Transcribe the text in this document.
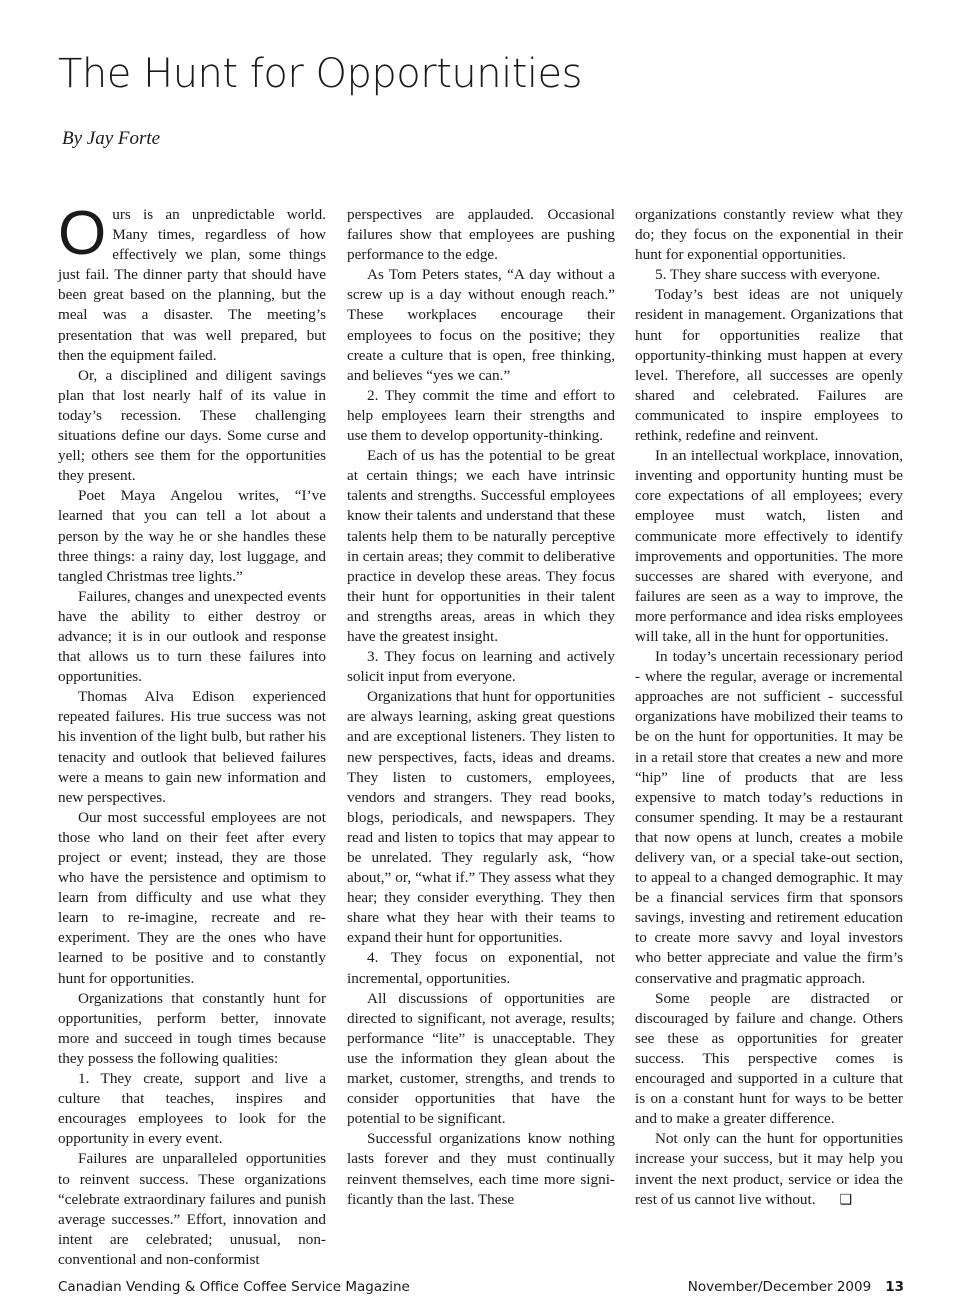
The Hunt for Opportunities
By Jay Forte

Ours is an unpredictable world. Many times, regardless of how effectively we plan, some things just fail. The dinner party that should have been great based on the planning, but the meal was a disaster. The meeting’s presentation that was well prepared, but then the equipment failed.

Or, a disciplined and diligent savings plan that lost nearly half of its value in today’s recession. These challenging situations define our days. Some curse and yell; others see them for the opportunities they present.

Poet Maya Angelou writes, “I’ve learned that you can tell a lot about a person by the way he or she handles these three things: a rainy day, lost luggage, and tangled Christmas tree lights.”

Failures, changes and unexpected events have the ability to either destroy or advance; it is in our outlook and response that allows us to turn these failures into opportunities.

Thomas Alva Edison experienced repeated failures. His true success was not his invention of the light bulb, but rather his tenacity and outlook that believed failures were a means to gain new information and new perspectives.

Our most successful employees are not those who land on their feet after every project or event; instead, they are those who have the persistence and optimism to learn from difficulty and use what they learn to re-imagine, recreate and re-experiment. They are the ones who have learned to be positive and to constantly hunt for opportunities.

Organizations that constantly hunt for opportunities, perform better, innovate more and succeed in tough times because they possess the following qualities:

1. They create, support and live a culture that teaches, inspires and encourages employees to look for the opportunity in every event.

Failures are unparalleled opportunities to reinvent success. These organizations “celebrate extraordinary failures and punish average successes.” Effort, innovation and intent are celebrated; unusual, non-conventional and non-conformist

perspectives are applauded. Occasional failures show that employees are pushing performance to the edge.

As Tom Peters states, “A day without a screw up is a day without enough reach.” These workplaces encourage their employees to focus on the positive; they create a culture that is open, free thinking, and believes “yes we can.”

2. They commit the time and effort to help employees learn their strengths and use them to develop opportunity-thinking.

Each of us has the potential to be great at certain things; we each have intrinsic talents and strengths. Successful employees know their talents and understand that these talents help them to be naturally perceptive in certain areas; they commit to deliberative practice in develop these areas. They focus their hunt for opportunities in their talent and strengths areas, areas in which they have the greatest insight.

3. They focus on learning and actively solicit input from everyone.

Organizations that hunt for opportunities are always learning, asking great questions and are exceptional listeners. They listen to new perspectives, facts, ideas and dreams. They listen to customers, employees, vendors and strangers. They read books, blogs, periodicals, and newspapers. They read and listen to topics that may appear to be unrelated. They regularly ask, “how about,” or, “what if.” They assess what they hear; they consider everything. They then share what they hear with their teams to expand their hunt for opportunities.

4. They focus on exponential, not incremental, opportunities.

All discussions of opportunities are directed to significant, not average, results; performance “lite” is unacceptable. They use the information they glean about the market, customer, strengths, and trends to consider opportunities that have the potential to be significant.

Successful organizations know nothing lasts forever and they must continually reinvent themselves, each time more signi-ficantly than the last. These

organizations constantly review what they do; they focus on the exponential in their hunt for exponential opportunities.

5. They share success with everyone.

Today’s best ideas are not uniquely resident in management. Organizations that hunt for opportunities realize that opportunity-thinking must happen at every level. Therefore, all successes are openly shared and celebrated. Failures are communicated to inspire employees to rethink, redefine and reinvent.

In an intellectual workplace, innovation, inventing and opportunity hunting must be core expectations of all employees; every employee must watch, listen and communicate more effectively to identify improvements and opportunities. The more successes are shared with everyone, and failures are seen as a way to improve, the more performance and idea risks employees will take, all in the hunt for opportunities.

In today’s uncertain recessionary period - where the regular, average or incremental approaches are not sufficient - successful organizations have mobilized their teams to be on the hunt for opportunities. It may be in a retail store that creates a new and more “hip” line of products that are less expensive to match today’s reductions in consumer spending. It may be a restaurant that now opens at lunch, creates a mobile delivery van, or a special take-out section, to appeal to a changed demographic. It may be a financial services firm that sponsors savings, investing and retirement education to create more savvy and loyal investors who better appreciate and value the firm’s conservative and pragmatic approach.

Some people are distracted or discouraged by failure and change. Others see these as opportunities for greater success. This perspective comes is encouraged and supported in a culture that is on a constant hunt for ways to be better and to make a greater difference.

Not only can the hunt for opportunities increase your success, but it may help you invent the next product, service or idea the rest of us cannot live without. ❑

Canadian Vending & Office Coffee Service Magazine	November/December 2009 13
